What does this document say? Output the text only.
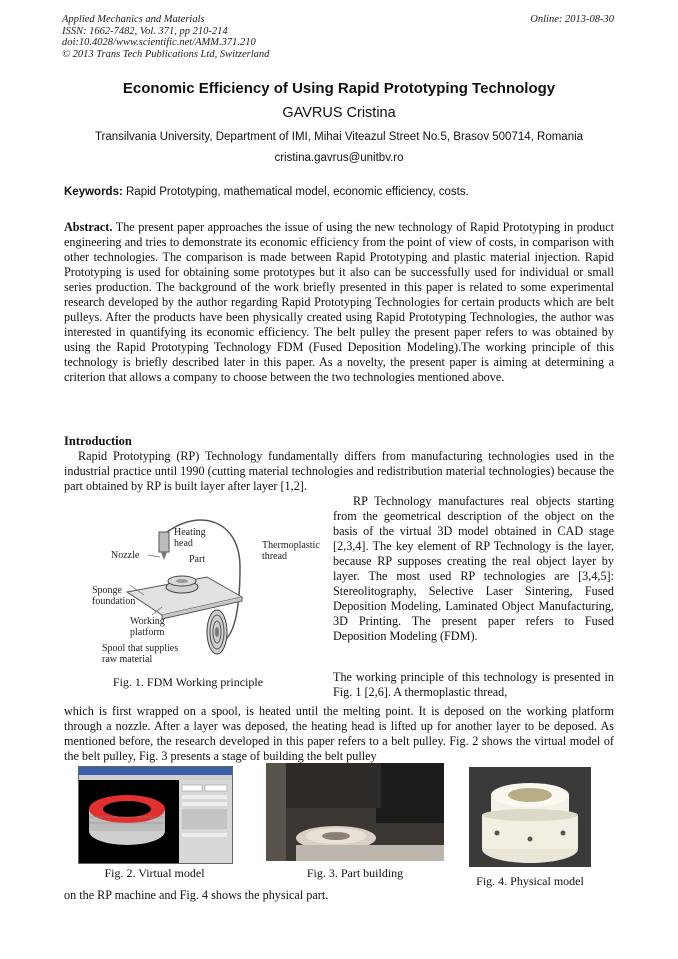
Applied Mechanics and Materials
ISSN: 1662-7482, Vol. 371, pp 210-214
doi:10.4028/www.scientific.net/AMM.371.210
© 2013 Trans Tech Publications Ltd, Switzerland
Online: 2013-08-30
Economic Efficiency of Using Rapid Prototyping Technology
GAVRUS Cristina
Transilvania University, Department of IMI, Mihai Viteazul Street No.5, Brasov 500714, Romania
cristina.gavrus@unitbv.ro
Keywords: Rapid Prototyping, mathematical model, economic efficiency, costs.
Abstract. The present paper approaches the issue of using the new technology of Rapid Prototyping in product engineering and tries to demonstrate its economic efficiency from the point of view of costs, in comparison with other technologies. The comparison is made between Rapid Prototyping and plastic material injection. Rapid Prototyping is used for obtaining some prototypes but it also can be successfully used for individual or small series production. The background of the work briefly presented in this paper is related to some experimental research developed by the author regarding Rapid Prototyping Technologies for certain products which are belt pulleys. After the products have been physically created using Rapid Prototyping Technologies, the author was interested in quantifying its economic efficiency. The belt pulley the present paper refers to was obtained by using the Rapid Prototyping Technology FDM (Fused Deposition Modeling).The working principle of this technology is briefly described later in this paper. As a novelty, the present paper is aiming at determining a criterion that allows a company to choose between the two technologies mentioned above.
Introduction
Rapid Prototyping (RP) Technology fundamentally differs from manufacturing technologies used in the industrial practice until 1990 (cutting material technologies and redistribution material technologies) because the part obtained by RP is built layer after layer [1,2].
Heating head
Nozzle	Part
Thermoplastic thread
Sponge foundation
Working platform
Spool that supplies raw material
Fig. 1. FDM Working principle
RP Technology manufactures real objects starting from the geometrical description of the object on the basis of the virtual 3D model obtained in CAD stage [2,3,4]. The key element of RP Technology is the layer, because RP supposes creating the real object layer by layer. The most used RP technologies are [3,4,5]: Stereolitography, Selective Laser Sintering, Fused Deposition Modeling, Laminated Object Manufacturing, 3D Printing. The present paper refers to Fused Deposition Modeling (FDM).
The working principle of this technology is presented in Fig. 1 [2,6]. A thermoplastic thread,
which is first wrapped on a spool, is heated until the melting point. It is deposed on the working platform through a nozzle. After a layer was deposed, the heating head is lifted up for another layer to be deposed. As mentioned before, the research developed in this paper refers to a belt pulley. Fig. 2 shows the virtual model of the belt pulley, Fig. 3 presents a stage of building the belt pulley
Fig. 2. Virtual model	Fig. 3. Part building
Fig. 4. Physical model
on the RP machine and Fig. 4 shows the physical part.
